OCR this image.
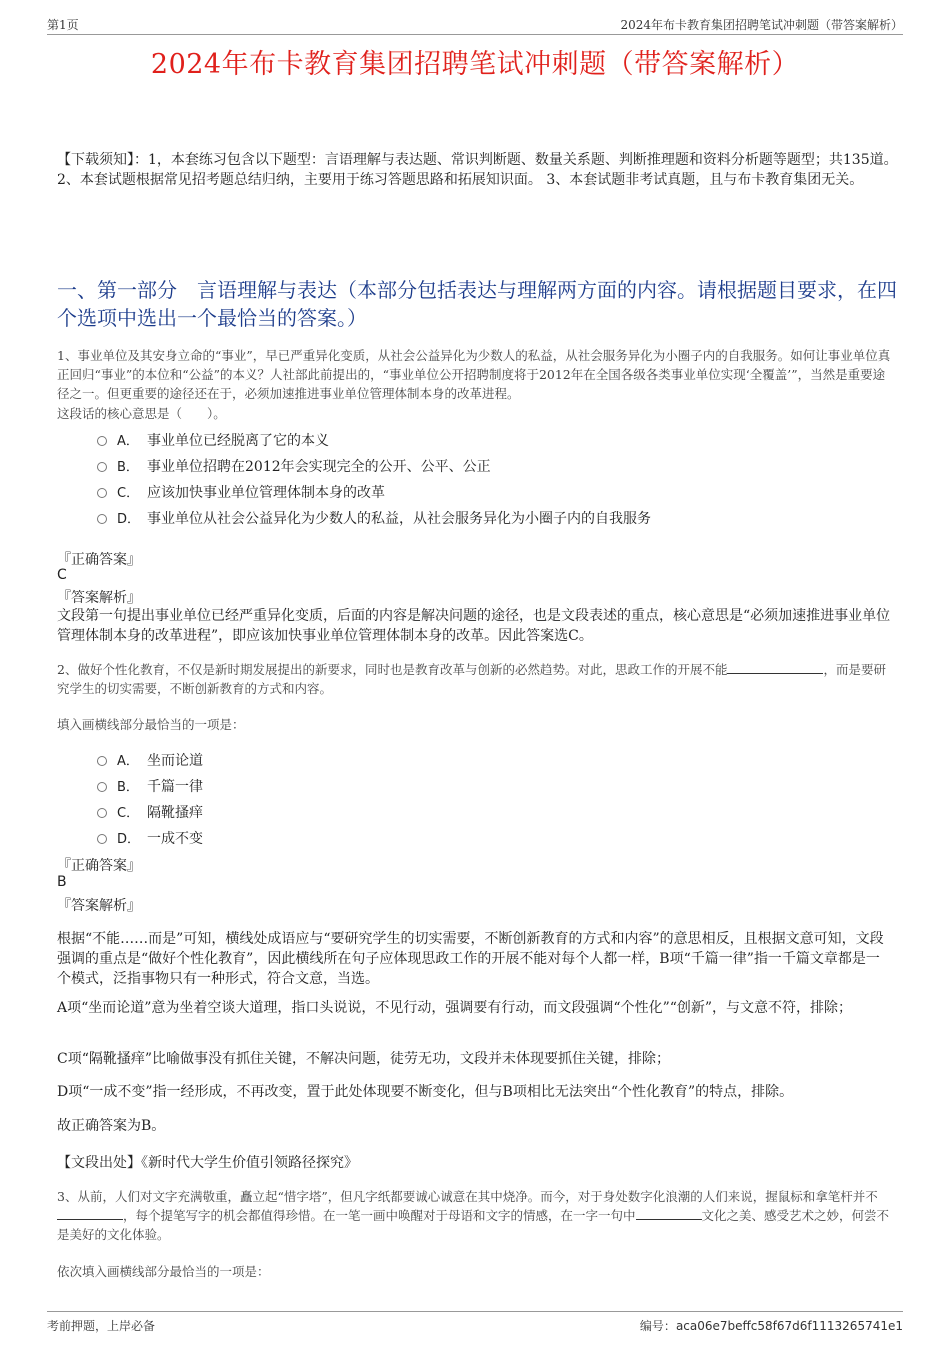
第1页	2024年布卡教育集团招聘笔试冲刺题（带答案解析）
2024年布卡教育集团招聘笔试冲刺题（带答案解析）
【下载须知】：1，本套练习包含以下题型：言语理解与表达题、常识判断题、数量关系题、判断推理题和资料分析题等题型；共135道。 2、本套试题根据常见招考题总结归纳，主要用于练习答题思路和拓展知识面。 3、本套试题非考试真题，且与布卡教育集团无关。
一、第一部分　言语理解与表达（本部分包括表达与理解两方面的内容。请根据题目要求，在四个选项中选出一个最恰当的答案。）
1、事业单位及其安身立命的“事业”，早已严重异化变质，从社会公益异化为少数人的私益，从社会服务异化为小圈子内的自我服务。如何让事业单位真正回归“事业”的本位和“公益”的本义？人社部此前提出的，“事业单位公开招聘制度将于2012年在全国各级各类事业单位实现‘全覆盖’”，当然是重要途径之一。但更重要的途径还在于，必须加速推进事业单位管理体制本身的改革进程。
这段话的核心意思是（　　）。
A． 事业单位已经脱离了它的本义
B． 事业单位招聘在2012年会实现完全的公开、公平、公正
C． 应该加快事业单位管理体制本身的改革
D． 事业单位从社会公益异化为少数人的私益，从社会服务异化为小圈子内的自我服务
『正确答案』
C
『答案解析』
文段第一句提出事业单位已经严重异化变质，后面的内容是解决问题的途径，也是文段表述的重点，核心意思是“必须加速推进事业单位管理体制本身的改革进程”，即应该加快事业单位管理体制本身的改革。因此答案选C。
2、做好个性化教育，不仅是新时期发展提出的新要求，同时也是教育改革与创新的必然趋势。对此，思政工作的开展不能	，而是要研究学生的切实需要，不断创新教育的方式和内容。
填入画横线部分最恰当的一项是：
A． 坐而论道
B． 千篇一律
C． 隔靴搔痒
D． 一成不变
『正确答案』
B
『答案解析』
根据“不能……而是”可知，横线处成语应与“要研究学生的切实需要，不断创新教育的方式和内容”的意思相反，且根据文意可知，文段强调的重点是“做好个性化教育”，因此横线所在句子应体现思政工作的开展不能对每个人都一样，B项“千篇一律”指一千篇文章都是一个模式，泛指事物只有一种形式，符合文意，当选。
A项“坐而论道”意为坐着空谈大道理，指口头说说，不见行动，强调要有行动，而文段强调“个性化”“创新”，与文意不符，排除；
C项“隔靴搔痒”比喻做事没有抓住关键，不解决问题，徒劳无功，文段并未体现要抓住关键，排除；
D项“一成不变”指一经形成，不再改变，置于此处体现要不断变化，但与B项相比无法突出“个性化教育”的特点，排除。
故正确答案为B。
【文段出处】《新时代大学生价值引领路径探究》
3、从前，人们对文字充满敬重，矗立起“惜字塔”，但凡字纸都要诚心诚意在其中烧净。而今，对于身处数字化浪潮的人们来说，握鼠标和拿笔杆并不，每个提笔写字的机会都值得珍惜。在一笔一画中唤醒对于母语和文字的情感，在一字一句中	文化之美、感受艺术之妙，何尝不是美好的文化体验。
依次填入画横线部分最恰当的一项是：
考前押题，上岸必备	编号：aca06e7beffc58f67d6f1113265741e1
